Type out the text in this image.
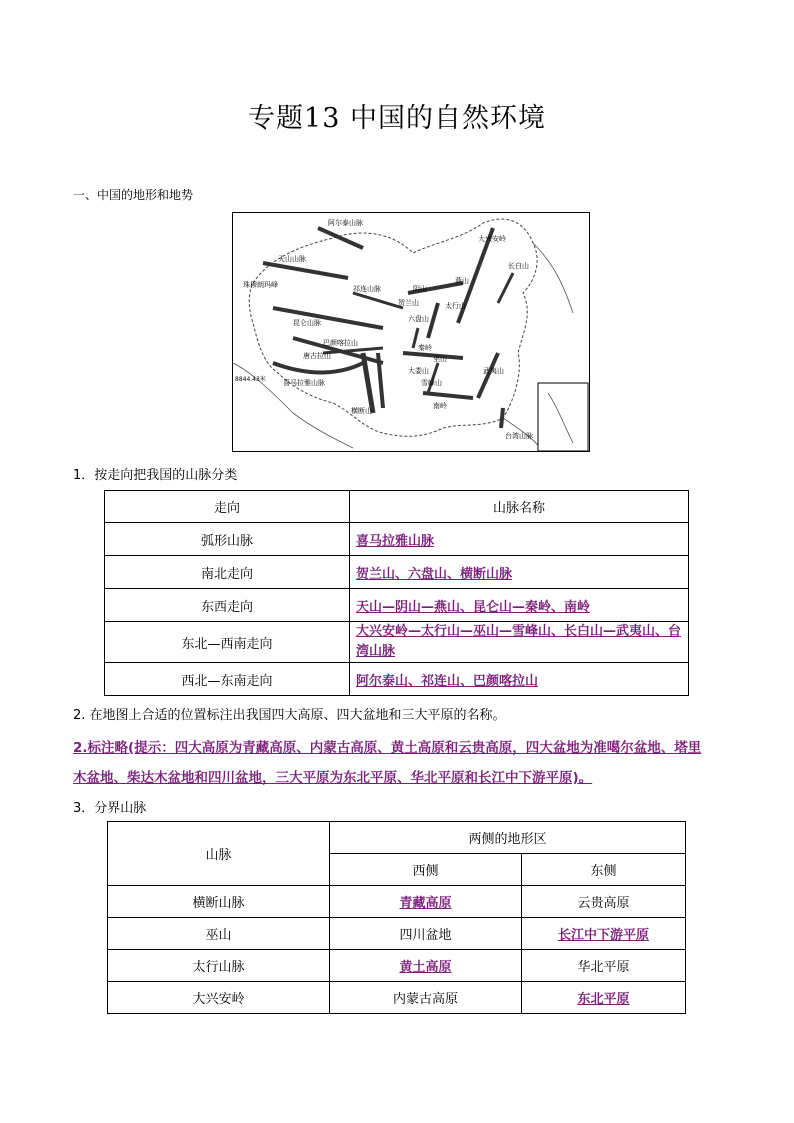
专题13 中国的自然环境
一、中国的地形和地势
阿尔泰山脉
天山山脉
祁连山脉
昆仑山脉
巴颜喀拉山
喜马拉雅山脉
秦岭
大兴安岭
太行山
长白山
武夷山
横断山
阴山
燕山
六盘山
贺兰山
巫山
大娄山
雪峰山
南岭
唐古拉山
台湾山脉
珠穆朗玛峰
8844.43米
1．按走向把我国的山脉分类
走向	山脉名称
弧形山脉	喜马拉雅山脉
南北走向	贺兰山、六盘山、横断山脉
东西走向	天山—阴山—燕山、昆仑山—秦岭、南岭
东北—西南走向	大兴安岭—太行山—巫山—雪峰山、长白山—武夷山、台湾山脉
西北—东南走向	阿尔泰山、祁连山、巴颜喀拉山
2. 在地图上合适的位置标注出我国四大高原、四大盆地和三大平原的名称。
2.标注略(提示：四大高原为青藏高原、内蒙古高原、黄土高原和云贵高原，四大盆地为准噶尔盆地、塔里
木盆地、柴达木盆地和四川盆地，三大平原为东北平原、华北平原和长江中下游平原)。
3．分界山脉
山脉	两侧的地形区	
	西侧	东侧
横断山脉	青藏高原	云贵高原
巫山	四川盆地	长江中下游平原
太行山脉	黄土高原	华北平原
大兴安岭	内蒙古高原	东北平原
